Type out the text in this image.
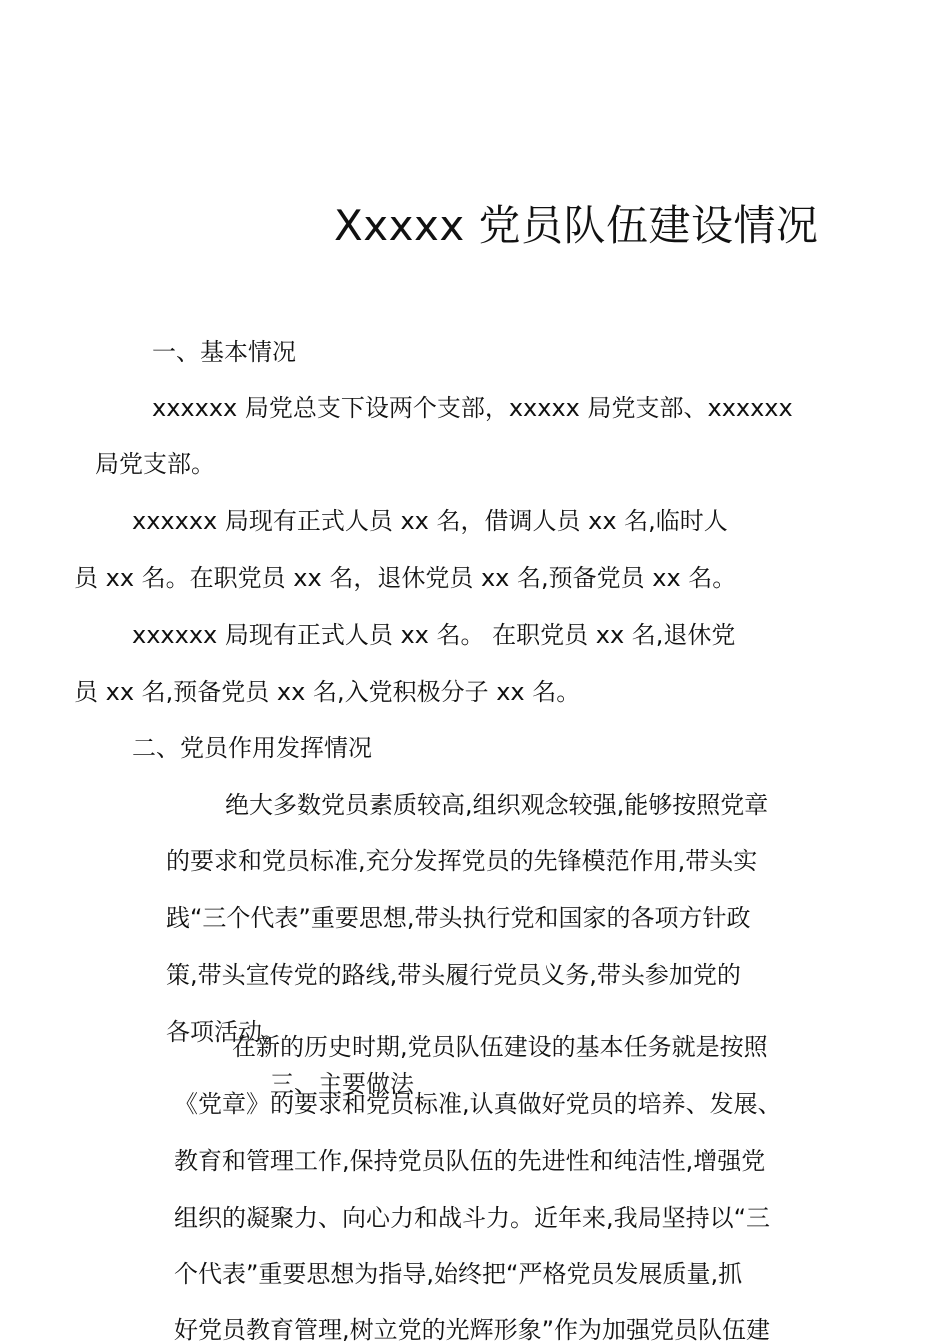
Xxxxx 党员队伍建设情况
一、基本情况
xxxxxx 局党总支下设两个支部，xxxxx 局党支部、xxxxxx
局党支部。
xxxxxx 局现有正式人员 xx 名，借调人员 xx 名,临时人
员 xx 名。在职党员 xx 名，退休党员 xx 名,预备党员 xx 名。
xxxxxx 局现有正式人员 xx 名。 在职党员 xx 名,退休党
员 xx 名,预备党员 xx 名,入党积极分子 xx 名。
二、党员作用发挥情况
绝大多数党员素质较高,组织观念较强,能够按照党章
的要求和党员标准,充分发挥党员的先锋模范作用,带头实
践“三个代表”重要思想,带头执行党和国家的各项方针政
策,带头宣传党的路线,带头履行党员义务,带头参加党的
各项活动。
三、主要做法
在新的历史时期,党员队伍建设的基本任务就是按照
《党章》的要求和党员标准,认真做好党员的培养、发展、
教育和管理工作,保持党员队伍的先进性和纯洁性,增强党
组织的凝聚力、向心力和战斗力。近年来,我局坚持以“三
个代表”重要思想为指导,始终把“严格党员发展质量,抓
好党员教育管理,树立党的光辉形象”作为加强党员队伍建
